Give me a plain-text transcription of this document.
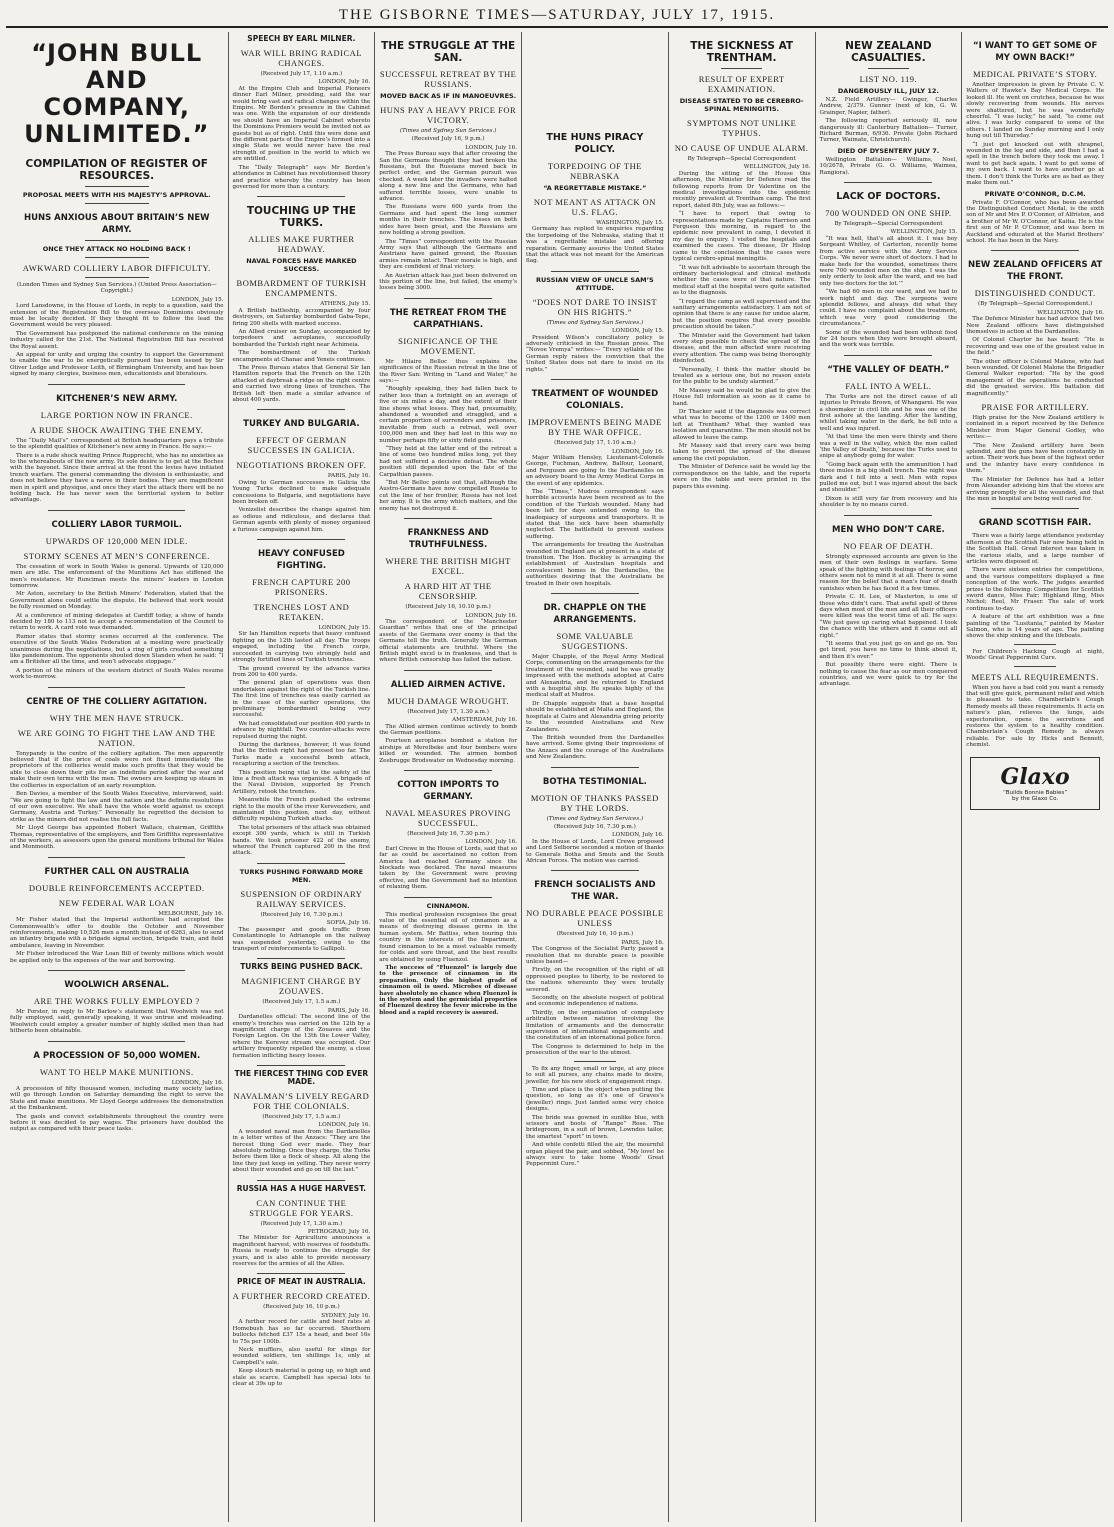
THE GISBORNE TIMES—SATURDAY, JULY 17, 1915.
“JOHN BULL AND COMPANY, UNLIMITED.”
COMPILATION OF REGISTER OF RESOURCES.
PROPOSAL MEETS WITH HIS MAJESTY’S APPROVAL.
HUNS ANXIOUS ABOUT BRITAIN’S NEW ARMY.
ONCE THEY ATTACK NO HOLDING BACK !
AWKWARD COLLIERY LABOR DIFFICULTY.

(London Times and Sydney Sun Services.) (United Press Association—Copyright.)

LONDON, July 15.

Lord Lansdowne, in the House of Lords, in reply to a question, said the extension of the Registration Bill to the overseas Dominions obviously must be locally decided. If they thought fit to follow the lead the Government would be very pleased.

The Government has postponed the national conference on the mining industry called for the 21st. The National Registration Bill has received the Royal assent.

An appeal for unity and urging the country to support the Government to enable the war to be energetically pursued has been issued by Sir Oliver Lodge and Professor Leith, of Birmingham University, and has been signed by many clergies, business men, educationists and literateurs.

KITCHENER’S NEW ARMY.
LARGE PORTION NOW IN FRANCE.
A RUDE SHOCK AWAITING THE ENEMY.

The “Daily Mail’s” correspondent at British headquarters pays a tribute to the splendid qualities of Kitchener’s new army in France. He says:—

There is a rude shock waiting Prince Rupprecht, who has no anxieties as to the whereabouts of the new army. Its sole desire is to get at the Boches with the bayonet. Since their arrival at the front the levies have initiated trench warfare. The general commanding the division is enthusiastic, and does not believe they have a nerve in their bodies. They are magnificent men in spirit and physique, and once they start the attack there will be no holding back. He has never seen the territorial system to better advantage.

COLLIERY LABOR TURMOIL.
UPWARDS OF 120,000 MEN IDLE.
STORMY SCENES AT MEN’S CONFERENCE.

The cessation of work in South Wales is general. Upwards of 120,000 men are idle. The enforcement of the Munitions Act has stiffened the men’s resistance. Mr Runciman meets the miners’ leaders in London tomorrow.

Mr Aston, secretary to the British Miners’ Federation, stated that the Government alone could settle the dispute. He believed that work would be fully resumed on Monday.

At a conference of mining delegates at Cardiff today, a show of hands decided by 180 to 113 not to accept a recommendation of the Council to return to work. A card vote was demanded.

Rumor states that stormy scenes occurred at the conference. The executive of the South Wales Federation at a meeting were practically unanimous during the negotiations, but a ring of girls created something like pandemonium. The opponents shouted down Standen when he said: “I am a Britisher all the time, and won’t advocate stoppage.”

A portion of the miners of the western district of South Wales resume work to-morrow.

CENTRE OF THE COLLIERY AGITATION.
WHY THE MEN HAVE STRUCK.
WE ARE GOING TO FIGHT THE LAW AND THE NATION.

Tonypandy is the centre of the colliery agitation. The men apparently believed that if the price of coals were not fixed immediately the proprietors of the collieries would make such profits that they would be able to close down their pits for an indefinite period after the war and make their own terms with the men. The owners are keeping up steam in the collieries in expectation of an early resumption.

Ben Davies, a member of the South Wales Executive, interviewed, said: “We are going to fight the law and the nation and the definite resolutions of our own executive. We shall have the whole world against us except Germany, Austria and Turkey.” Personally he regretted the decision to strike as the miners did not realise the full facts.

Mr Lloyd George has appointed Robert Wallace, chairman, Griffiths Thomas, representative of the employers, and Tom Griffiths representative of the workers, as assessors upon the general munitions tribunal for Wales and Monmouth.

FURTHER CALL ON AUSTRALIA
DOUBLE REINFORCEMENTS ACCEPTED.
NEW FEDERAL WAR LOAN
MELBOURNE, July 16.

Mr Fisher stated that the Imperial authorities had accepted the Commonwealth’s offer to double the October and November reinforcements, making 10,526 men a month instead of 6263, also to send an infantry brigade with a brigade signal section, brigade train, and field ambulance, leaving in November.

Mr Fisher introduced the War Loan Bill of twenty millions which would be applied only to the expenses of the war and borrowing.

WOOLWICH ARSENAL.
ARE THE WORKS FULLY EMPLOYED ?

Mr Forster, in reply to Mr Barlow’s statement that Woolwich was not fully employed, said, generally speaking, it was untrue and misleading. Woolwich could employ a greater number of highly skilled men than had hitherto been obtainable.

A PROCESSION OF 50,000 WOMEN.
WANT TO HELP MAKE MUNITIONS.
LONDON, July 16.

A procession of fifty thousand women, including many society ladies, will go through London on Saturday demanding the right to serve the State and make munitions. Mr Lloyd George addresses the demonstration at the Embankment.

The gaols and convict establishments throughout the country were before it was decided to pay wages. The prisoners have doubled the output as compared with their peace tasks.

SPEECH BY EARL MILNER.
WAR WILL BRING RADICAL CHANGES.

(Received July 17, 1.10 a.m.)

LONDON, July 16.

At the Empire Club and Imperial Pioneers dinner Earl Milner, presiding, said the war would bring vast and radical changes within the Empire. Mr Borden’s presence in the Cabinet was one. With the expansion of our dividends we should have an Imperial Cabinet whereto the Dominions Premiers would be invited not as guests but as of right. Until this were done and the different parts of the Empire’s formed into a single State we would never have the real strength of position in the world to which we are entitled.

The “Daily Telegraph” says Mr Borden’s attendance in Cabinet has revolutionised theory and practice whereby the country has been governed for more than a century.

TOUCHING UP THE TURKS.
ALLIES MAKE FURTHER HEADWAY.
NAVAL FORCES HAVE MARKED SUCCESS.
BOMBARDMENT OF TURKISH ENCAMPMENTS.
ATHENS, July 15.

A British battleship, accompanied by four destroyers, on Saturday bombarded Gaba-Tepe, firing 200 shells with marked success.

An Allied cruiser on Sunday, accompanied by torpedoers and aeroplanes, successfully bombarded the Turkish right near Achimeia.

The bombardment of the Turkish encampments at Chanac and Yeneis continues.

The Press Bureau states that General Sir Ian Hamilton reports that the French on the 12th attacked at daybreak a ridge on the right centre and carried two strong lines of trenches. The British left then made a similar advance of about 400 yards.

TURKEY AND BULGARIA.
EFFECT OF GERMAN SUCCESSES IN GALICIA.
NEGOTIATIONS BROKEN OFF.
PARIS, July 16.

Owing to German successes in Galicia the Young Turks declined to make adequate concessions to Bulgaria, and negotiations have been broken off.

Venizelist describes the change against him as odious and ridiculous, and declares that German agents with plenty of money organised a furious campaign against him.

HEAVY CONFUSED FIGHTING.
FRENCH CAPTURE 200 PRISONERS.
TRENCHES LOST AND RETAKEN.
LONDON, July 15.

Sir Ian Hamilton reports that heavy confused fighting on the 12th lasted all day. The troops engaged, including the French corps, succeeded in carrying two strongly held and strongly fortified lines of Turkish trenches.

The ground covered by the advance varies from 200 to 400 yards.

The general plan of operations was then undertaken against the right of the Turkish line. The first line of trenches was easily carried as in the case of the earlier operations, the preliminary bombardment being very successful.

We had consolidated our position 400 yards in advance by nightfall. Two counter-attacks were repulsed during the night.

During the darkness, however, it was found that the British right had pressed too far. The Turks made a successful bomb attack, recapturing a section of the trenches.

This position being vital to the safety of the line a fresh attack was organised. A brigade of the Naval Division, supported by French Artillery, retook the trenches.

Meanwhile the French pushed the extreme right to the mouth of the river Kerevezdere, and maintained this position, next day, without difficulty repulsing Turkish attacks.

The total prisoners of the attack was obtained except 300 yards, which is still in Turkish hands. We took prisoner 422 of the enemy, whereof the French captured 200 in the first attack.

TURKS PUSHING FORWARD MORE MEN.
SUSPENSION OF ORDINARY RAILWAY SERVICES.

(Received July 16, 7.30 p.m.)

SOFIA, July 16.

The passenger and goods traffic from Constantinople to Adrianople on the railway was suspended yesterday, owing to the transport of reinforcements to Gallipoli.

TURKS BEING PUSHED BACK.
MAGNIFICENT CHARGE BY ZOUAVES.

(Received July 17, 1.5 a.m.)

PARIS, July 16.

Dardanelles official: The second line of the enemy’s trenches was carried on the 12th by a magnificent charge of the Zouaves and the Foreign Legion. On the 13th the Lower Valley, where the Kerevez stream was occupied. Our artillery frequently repelled the enemy, a close formation inflicting heavy losses.

THE FIERCEST THING COD EVER MADE.
NAVALMAN’S LIVELY REGARD FOR THE COLONIALS.

(Received July 17, 1.5 a.m.)

LONDON, July 16.

A wounded naval man from the Dardanelles in a letter writes of the Anzacs: “They are the fiercest thing God ever made. They fear absolutely nothing. Once they charge, the Turks before them like a flock of sheep. All along the line they just keep on yelling. They never worry about their wounded and go on till the last.”

RUSSIA HAS A HUGE HARVEST.
CAN CONTINUE THE STRUGGLE FOR YEARS.

(Received July 17, 1.30 a.m.)

PETROGRAD, July 16.

The Minister for Agriculture announces a magnificent harvest, with reserves of foodstuffs. Russia is ready to continue the struggle for years, and is also able to provide necessary reserves for the armies of all the Allies.

PRICE OF MEAT IN AUSTRALIA.
A FURTHER RECORD CREATED.

(Received July 16, 10 p.m.)

SYDNEY, July 16.

A further record for cattle and beef rates at Homebush has so far occurred. Shorthorn bullocks fetched £37 15s a head, and beef 16s to 75s per 100lb.

Neck mufflers, also useful for slings for wounded soldiers, ten shillings 1s, only at Campbell’s sale.

Keep slouch material is going up, so high and stale as scarce. Campbell has special lots to clear at 39s up to

THE STRUGGLE AT THE SAN.
SUCCESSFUL RETREAT BY THE RUSSIANS.
MOVED BACK AS IF IN MANOEUVRES.
HUNS PAY A HEAVY PRICE FOR VICTORY.

(Times and Sydney Sun Services.)

(Received July 16, 9 p.m.)

LONDON, July 16.

The Press Bureau says that after crossing the San the Germans thought they had broken the Russians, but the Russians moved back in perfect order, and the German pursuit was checked. A week later the invaders were halted along a new line and the Germans, who had suffered terrible losses, were unable to advance.

The Russians were 600 yards from the Germans and had spent the long summer months in their trenches. The losses on both sides have been great, and the Russians are now holding a strong position.

The “Times” correspondent with the Russian Army says that although the Germans and Austrians have gained ground, the Russian armies remain intact. Their morale is high, and they are confident of final victory.

An Austrian attack has just been delivered on this portion of the line, but failed, the enemy’s losses being 3000.

THE RETREAT FROM THE CARPATHIANS.
SIGNIFICANCE OF THE MOVEMENT.

Mr Hilaire Belloc thus explains the significance of the Russian retreat in the line of the River San: Writing in “Land and Water,” he says:—

“Roughly speaking, they had fallen back to rather less than a fortnight on an average of five or six miles a day, and the extent of their line shows what losses. They had, presumably, abandoned a wounded and straggled, and a certain proportion of surrenders and prisoners, inevitable from such a retreat, well over 100,000 men and they had lost in this way no number perhaps fifty or sixty field guns.

“They held at the latter end of the retreat a line of some two hundred miles long, yet they had not suffered a decisive defeat. The whole position still depended upon the fate of the Carpathian passes.

“But Mr Belloc points out that, although the Austro-Germans have now compelled Russia to cut the line of her frontier, Russia has not lost her army. It is the army which matters, and the enemy has not destroyed it.

FRANKNESS AND TRUTHFULNESS.
WHERE THE BRITISH MIGHT EXCEL.
A HARD HIT AT THE CENSORSHIP.

(Received July 16, 10.10 p.m.)

LONDON, July 16.

The correspondent of the “Manchester Guardian” writes that one of the principal assets of the Germans over enemy is that the Germans tell the truth. Generally the German official statements are truthful. Where the British might excel is in frankness, and that is where British censorship has failed the nation.

ALLIED AIRMEN ACTIVE.
MUCH DAMAGE WROUGHT.

(Received July 17, 1.30 a.m.)

AMSTERDAM, July 16.

The Allied airmen continue actively to bomb the German positions.

Fourteen aeroplanes bombed a station for airships at Merelbeke and four bombers were killed or wounded. The airmen bombed Zeebrugge Brodswater on Wednesday morning.

COTTON IMPORTS TO GERMANY.
NAVAL MEASURES PROVING SUCCESSFUL.

(Received July 16, 7.30 p.m.)

LONDON, July 16.

Earl Crewe in the House of Lords, said that so far as could be ascertained no cotton from America had reached Germany since the blockade was declared. The naval measures taken by the Government were proving effective, and the Government had no intention of relaxing them.

CINNAMON.

This medical profession recognises the great value of the essential oil of cinnamon as a means of destroying disease germs in the human system. Mr Battiss, when touring this country in the interests of the Department, found cinnamon to be a most valuable remedy for colds and sore throat, and the best results are obtained by using Fluenzol.

The success of “Fluenzol” is largely due to the presence of cinnamon in its preparation. Only the highest grade of cinnamon oil is used. Microbes of disease have absolutely no chance when Fluenzol is in the system and the germicidal properties of Fluenzol destroy the fever microbe in the blood and a rapid recovery is assured.

THE HUNS PIRACY POLICY.
TORPEDOING OF THE NEBRASKA
“A REGRETTABLE MISTAKE.”
NOT MEANT AS ATTACK ON U.S. FLAG.
WASHINGTON, July 15.

Germany has replied to enquiries regarding the torpedoing of the Nebraska, stating that it was a regrettable mistake and offering reparation. Germany assures the United States that the attack was not meant for the American flag.

RUSSIAN VIEW OF UNCLE SAM’S ATTITUDE.
“DOES NOT DARE TO INSIST ON HIS RIGHTS.”

(Times and Sydney Sun Services.)

LONDON, July 15.

President Wilson’s conciliatory policy is adversely criticised in the Russian press. The “Novoe Vremya” writes:— “Every syllable of the German reply raises the conviction that the United States does not dare to insist on its rights.”

TREATMENT OF WOUNDED COLONIALS.
IMPROVEMENTS BEING MADE BY THE WAR OFFICE.

(Received July 17, 1.10 a.m.)

LONDON, July 16.

Major William Hensley, Lieutenant-Colonels George, Fuchman, Andrew, Balfour, Leonard, and Ferguson are going to the Dardanelles on an advisory board to the Army Medical Corps in the event of any epidemics.

The “Times,” Mudros correspondent says horrible accounts have been received as to the condition of the Turkish wounded. Many had been left for days untended owing to the inadequacy of surgeons and transporters. It is stated that the sick have been shamefully neglected. The battlefield to prevent useless suffering.

The arrangements for treating the Australian wounded in England are at present in a state of transition. The Hon. Buckley is arranging the establishment of Australian hospitals and convalescent homes in the Dardanelles, the authorities desiring that the Australians be treated in their own hospitals.

DR. CHAPPLE ON THE ARRANGEMENTS.
SOME VALUABLE SUGGESTIONS.

Major Chapple, of the Royal Army Medical Corps, commenting on the arrangements for the treatment of the wounded, said he was greatly impressed with the methods adopted at Cairo and Alexandria, and he returned to England with a hospital ship. He speaks highly of the medical staff at Mudros.

Dr Chapple suggests that a base hospital should be established at Malta and England, the hospitals at Cairo and Alexandria giving priority to the wounded Australians and New Zealanders.

The British wounded from the Dardanelles have arrived. Some giving their impressions of the Anzacs and the courage of the Australians and New Zealanders.

BOTHA TESTIMONIAL.
MOTION OF THANKS PASSED BY THE LORDS.

(Times and Sydney Sun Services.)

(Received July 16, 7.30 p.m.)

LONDON, July 16.

In the House of Lords, Lord Crewe proposed and Lord Selborne seconded a motion of thanks to Generals Botha and Smuts and the South African Forces. The motion was carried.

FRENCH SOCIALISTS AND THE WAR.
NO DURABLE PEACE POSSIBLE UNLESS

(Received July 16, 10 p.m.)

PARIS, July 16.

The Congress of the Socialist Party passed a resolution that no durable peace is possible unless based—

Firstly, on the recognition of the right of all oppressed peoples to liberty, to be restored to the nations whereunto they were brutally severed.

Secondly, on the absolute respect of political and economic independence of nations.

Thirdly, on the organisation of compulsory arbitration between nations involving the limitation of armaments and the democratic supervision of international engagements and the constitution of an international police force.

The Congress is determined to help in the prosecution of the war to the utmost.

To fix any finger, small or large, at any piece to suit all purses, any chains made to desire, jeweller, for his new stock of engagement rings.

Time and place is the object when putting the question, so long as it’s one of Graves’s (jeweller) rings. Just landed some very choice designs.

The bride was gowned in sunlike blue, with scissors and boots of “Range” Rose. The bridegroom, in a suit of brown, Lowndes tailor, the smartest “sport” in town.

And while confetti filled the air, the mournful organ played the pair, and sobbed, “My love! be always sure to take home Woods’ Great Peppermint Cure.”

THE SICKNESS AT TRENTHAM.
RESULT OF EXPERT EXAMINATION.
DISEASE STATED TO BE CEREBRO-SPINAL MENINGITIS.
SYMPTOMS NOT UNLIKE TYPHUS.
NO CAUSE OF UNDUE ALARM.

By Telegraph—Special Correspondent

WELLINGTON, July 16.

During the sitting of the House this afternoon, the Minister for Defence read the following reports from Dr Valentine on the medical investigations into the epidemic recently prevalent at Trentham camp. The first report, dated 8th July, was as follows:—

“I have to report that owing to representations made by Captains Harrison and Ferguson this morning, in regard to the epidemic now prevalent in camp, I devoted it my day to enquiry. I visited the hospitals and examined the cases. The disease, Dr Hislop came to the conclusion that the cases were typical cerebro-spinal meningitis.

“It was felt advisable to ascertain through the ordinary bacteriological and clinical methods whether the cases were of that nature. The medical staff at the hospital were quite satisfied as to the diagnosis.

“I regard the camp as well supervised and the sanitary arrangements satisfactory. I am not of opinion that there is any cause for undue alarm, but the position requires that every possible precaution should be taken.”

The Minister said the Government had taken every step possible to check the spread of the disease, and the men affected were receiving every attention. The camp was being thoroughly disinfected.

“Personally, I think the matter should be treated as a serious one, but no reason exists for the public to be unduly alarmed.”

Mr Massey said he would be glad to give the House full information as soon as it came to hand.

Dr Thacker said if the diagnosis was correct what was to become of the 1200 or 1400 men left at Trentham? What they wanted was isolation and quarantine. The men should not be allowed to leave the camp.

Mr Massey said that every care was being taken to prevent the spread of the disease among the civil population.

The Minister of Defence said he would lay the correspondence on the table, and the reports were on the table and were printed in the papers this evening.

NEW ZEALAND CASUALTIES.
LIST NO. 119.
DANGEROUSLY ILL, JULY 12.

N.Z. Field Artillery— Gwinger, Charles Andrew, 2/379. Gunner (next of kin, G. W. Grainger, Napier, father).

The following reported seriously ill, now dangerously ill: Canterbury Battalion— Turner, Richard Burman, 6/936. Private (John Richard Turner, Waimate, Christchurch).

DIED OF DYSENTERY JULY 7.

Wellington Battalion— Williams, Noel, 10/2678, Private (G. O. Williams, Waimea, Rangiora).

LACK OF DOCTORS.
700 WOUNDED ON ONE SHIP.

By Telegraph—Special Correspondent

WELLINGTON, July 15.

“It was hell, that’s all about it. I was boy Sergeant Whitley, of Carterton, recently home from active service with the Army Service Corps. ‘We never were short of doctors. I had to make beds for the wounded, sometimes there were 700 wounded men on the ship. I was the only orderly to look after the ward, and we had only two doctors for the lot.’”

“We had 60 men in our ward, and we had to work night and day. The surgeons were splendid fellows, and always did what they could. I have no complaint about the treatment, which was very good considering the circumstances.”

Some of the wounded had been without food for 24 hours when they were brought aboard, and the work was terrible.

“THE VALLEY OF DEATH.”
FALL INTO A WELL.

The Turks are not the direct cause of all injuries to Private Brown, of Whangarei. He was a shoemaker in civil life and he was one of the first ashore at the landing. After the landing, whilst taking water in the dark, he fell into a well and was injured.

“At that time the men were thirsty and there was a well in the valley, which the men called ‘the Valley of Death,’ because the Turks used to snipe at anybody going for water.

“Going back again with the ammunition I had three mules in a big shell trench. The night was dark and I fell into a well. Men with ropes pulled me out, but I was injured about the back and shoulder.”

Dixon is still very far from recovery and his shoulder is by no means cured.

MEN WHO DON’T CARE.
NO FEAR OF DEATH.

Strongly expressed accounts are given to the men of their own feelings in warfare. Some speak of the fighting with feelings of horror, and others seem not to mind it at all. There is some reason for the belief that a man’s fear of death vanishes when he has faced it a few times.

Private C. H. Lee, of Masterton, is one of those who didn’t care. That awful spell of three days when most of the men and all their officers were killed was the worst time of all. He says: “We just gave up caring what happened. I took the chance with the others and it came out all right.”

“It seems that you just go on and go on. You get tired, you have no time to think about it, and then it’s over.”

But possibly there were eight. There is nothing to cause the fear as our men conquered countries, and we were quick to try for the advantage.

“I WANT TO GET SOME OF MY OWN BACK!”
MEDICAL PRIVATE’S STORY.

Another impression is given by Private C. V. Walters of Hawke’s Bay Medical Corps. He looked ill. He went on crutches, because he was slowly recovering from wounds. His nerves were shattered, but he was wonderfully cheerful. “I was lucky,” he said, “to come out alive. I was lucky compared to some of the others. I landed on Sunday morning and I only hung out till Thursday.”

“I just got knocked out with shrapnel, wounded in the leg and side, and then I had a spell in the trench before they took me away. I want to get back again. I want to get some of my own back. I want to have another go at them. I don’t think the Turks are as bad as they make them out.”

PRIVATE O’CONNOR, D.C.M.

Private F. O’Connor, who has been awarded the Distinguished Conduct Medal, is the sixth son of Mr and Mrs P. O’Connor, of Alfriston, and a brother of Mr W. O’Connor, of Kaitia. He is the first son of Mr P. O’Connor, and was born in Auckland and educated at the Marist Brothers’ school. He has been in the Navy.

NEW ZEALAND OFFICERS AT THE FRONT.
DISTINGUISHED CONDUCT.

(By Telegraph—Special Correspondent.)

WELLINGTON, July 16.

The Defence Minister has had advice that two New Zealand officers have distinguished themselves in action at the Dardanelles.

Of Colonel Chaytor he has heard: “He is recovering and was one of the greatest value in the field.”

The other officer is Colonel Malone, who had been wounded. Of Colonel Malone the Brigadier General Walker reported: “He by the good management of the operations he conducted did the greatest service. His battalion did magnificently.”

PRAISE FOR ARTILLERY.

High praise for the New Zealand artillery is contained in a report received by the Defence Minister from Major General Godley, who writes:—

“The New Zealand artillery have been splendid, and the guns have been constantly in action. Their work has been of the highest order and the infantry have every confidence in them.”

The Minister for Defence has had a letter from Alexander advising him that the stores are arriving promptly for all the wounded, and that the men in hospital are being well cared for.

GRAND SCOTTISH FAIR.

There was a fairly large attendance yesterday afternoon at the Scottish Fair now being held in the Scottish Hall. Great interest was taken in the various stalls, and a large number of articles were disposed of.

There were sixteen entries for competitions, and the various competitors displayed a fine conception of the work. The judges awarded prizes to the following: Competition for Scottish sword dance, Miss Fair; Highland fling, Miss Nichol; Reel, Mr Fraser. The sale of work continues to-day.

A feature of the art exhibition was a fine painting of the “Lusitania,” painted by Master Salmon, who is 14 years of age. The painting shows the ship sinking and the lifeboats.

For Children’s Hacking Cough at night, Woods’ Great Peppermint Cure.

MEETS ALL REQUIREMENTS.

When you have a bad cold you want a remedy that will give quick, permanent relief and which is pleasant to take. Chamberlain’s Cough Remedy meets all these requirements. It acts on nature’s plan, relieves the lungs, aids expectoration, opens the secretions and restores the system to a healthy condition. Chamberlain’s Cough Remedy is always reliable. For sale by Hicks and Bennett, chemist.

Glaxo
“Builds Bonnie Babies”
by the Glaxo Co.
